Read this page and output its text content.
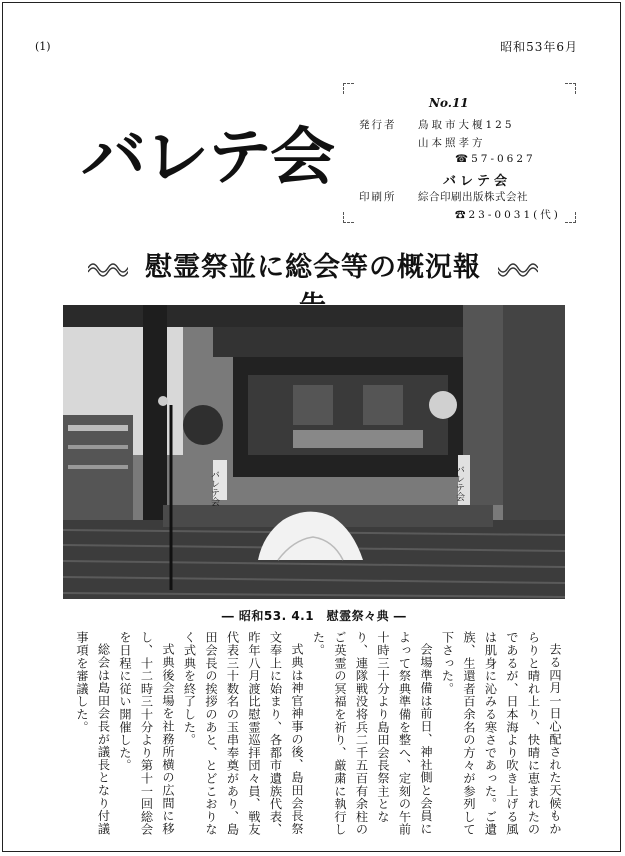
(1)	昭和53年6月
バレテ会
No.11
発行者 鳥取市大榎125
山本照孝方
☎57-0627
バレテ会
印刷所 綜合印刷出版株式会社
☎23-0031(代)
慰霊祭並に総会等の概況報
バレテ会	バレテ会
― 昭和53. 4.1　慰霊祭々典 ―

去る四月一日心配された天候もからりと晴れ上り、快晴に恵まれたのであるが、日本海より吹き上げる風は肌身に沁みる寒さであった。ご遺族、生還者百余名の方々が参列して下さった。

会場準備は前日、神社側と会員によって祭典準備を整へ、定刻の午前十時三十分より島田会長祭主となり、連隊戦没将兵二千五百有余柱のご英霊の冥福を祈り、厳粛に執行した。

式典は神官神事の後、島田会長祭文奉上に始まり、各都市遺族代表、昨年八月渡比慰霊巡拝団々員、戦友代表三十数名の玉串奉奠があり、島田会長の挨拶のあと、とどこおりなく式典を終了した。

式典後会場を社務所横の広間に移し、十二時三十分より第十一回総会を日程に従い開催した。

総会は島田会長が議長となり付議事項を審議した。
